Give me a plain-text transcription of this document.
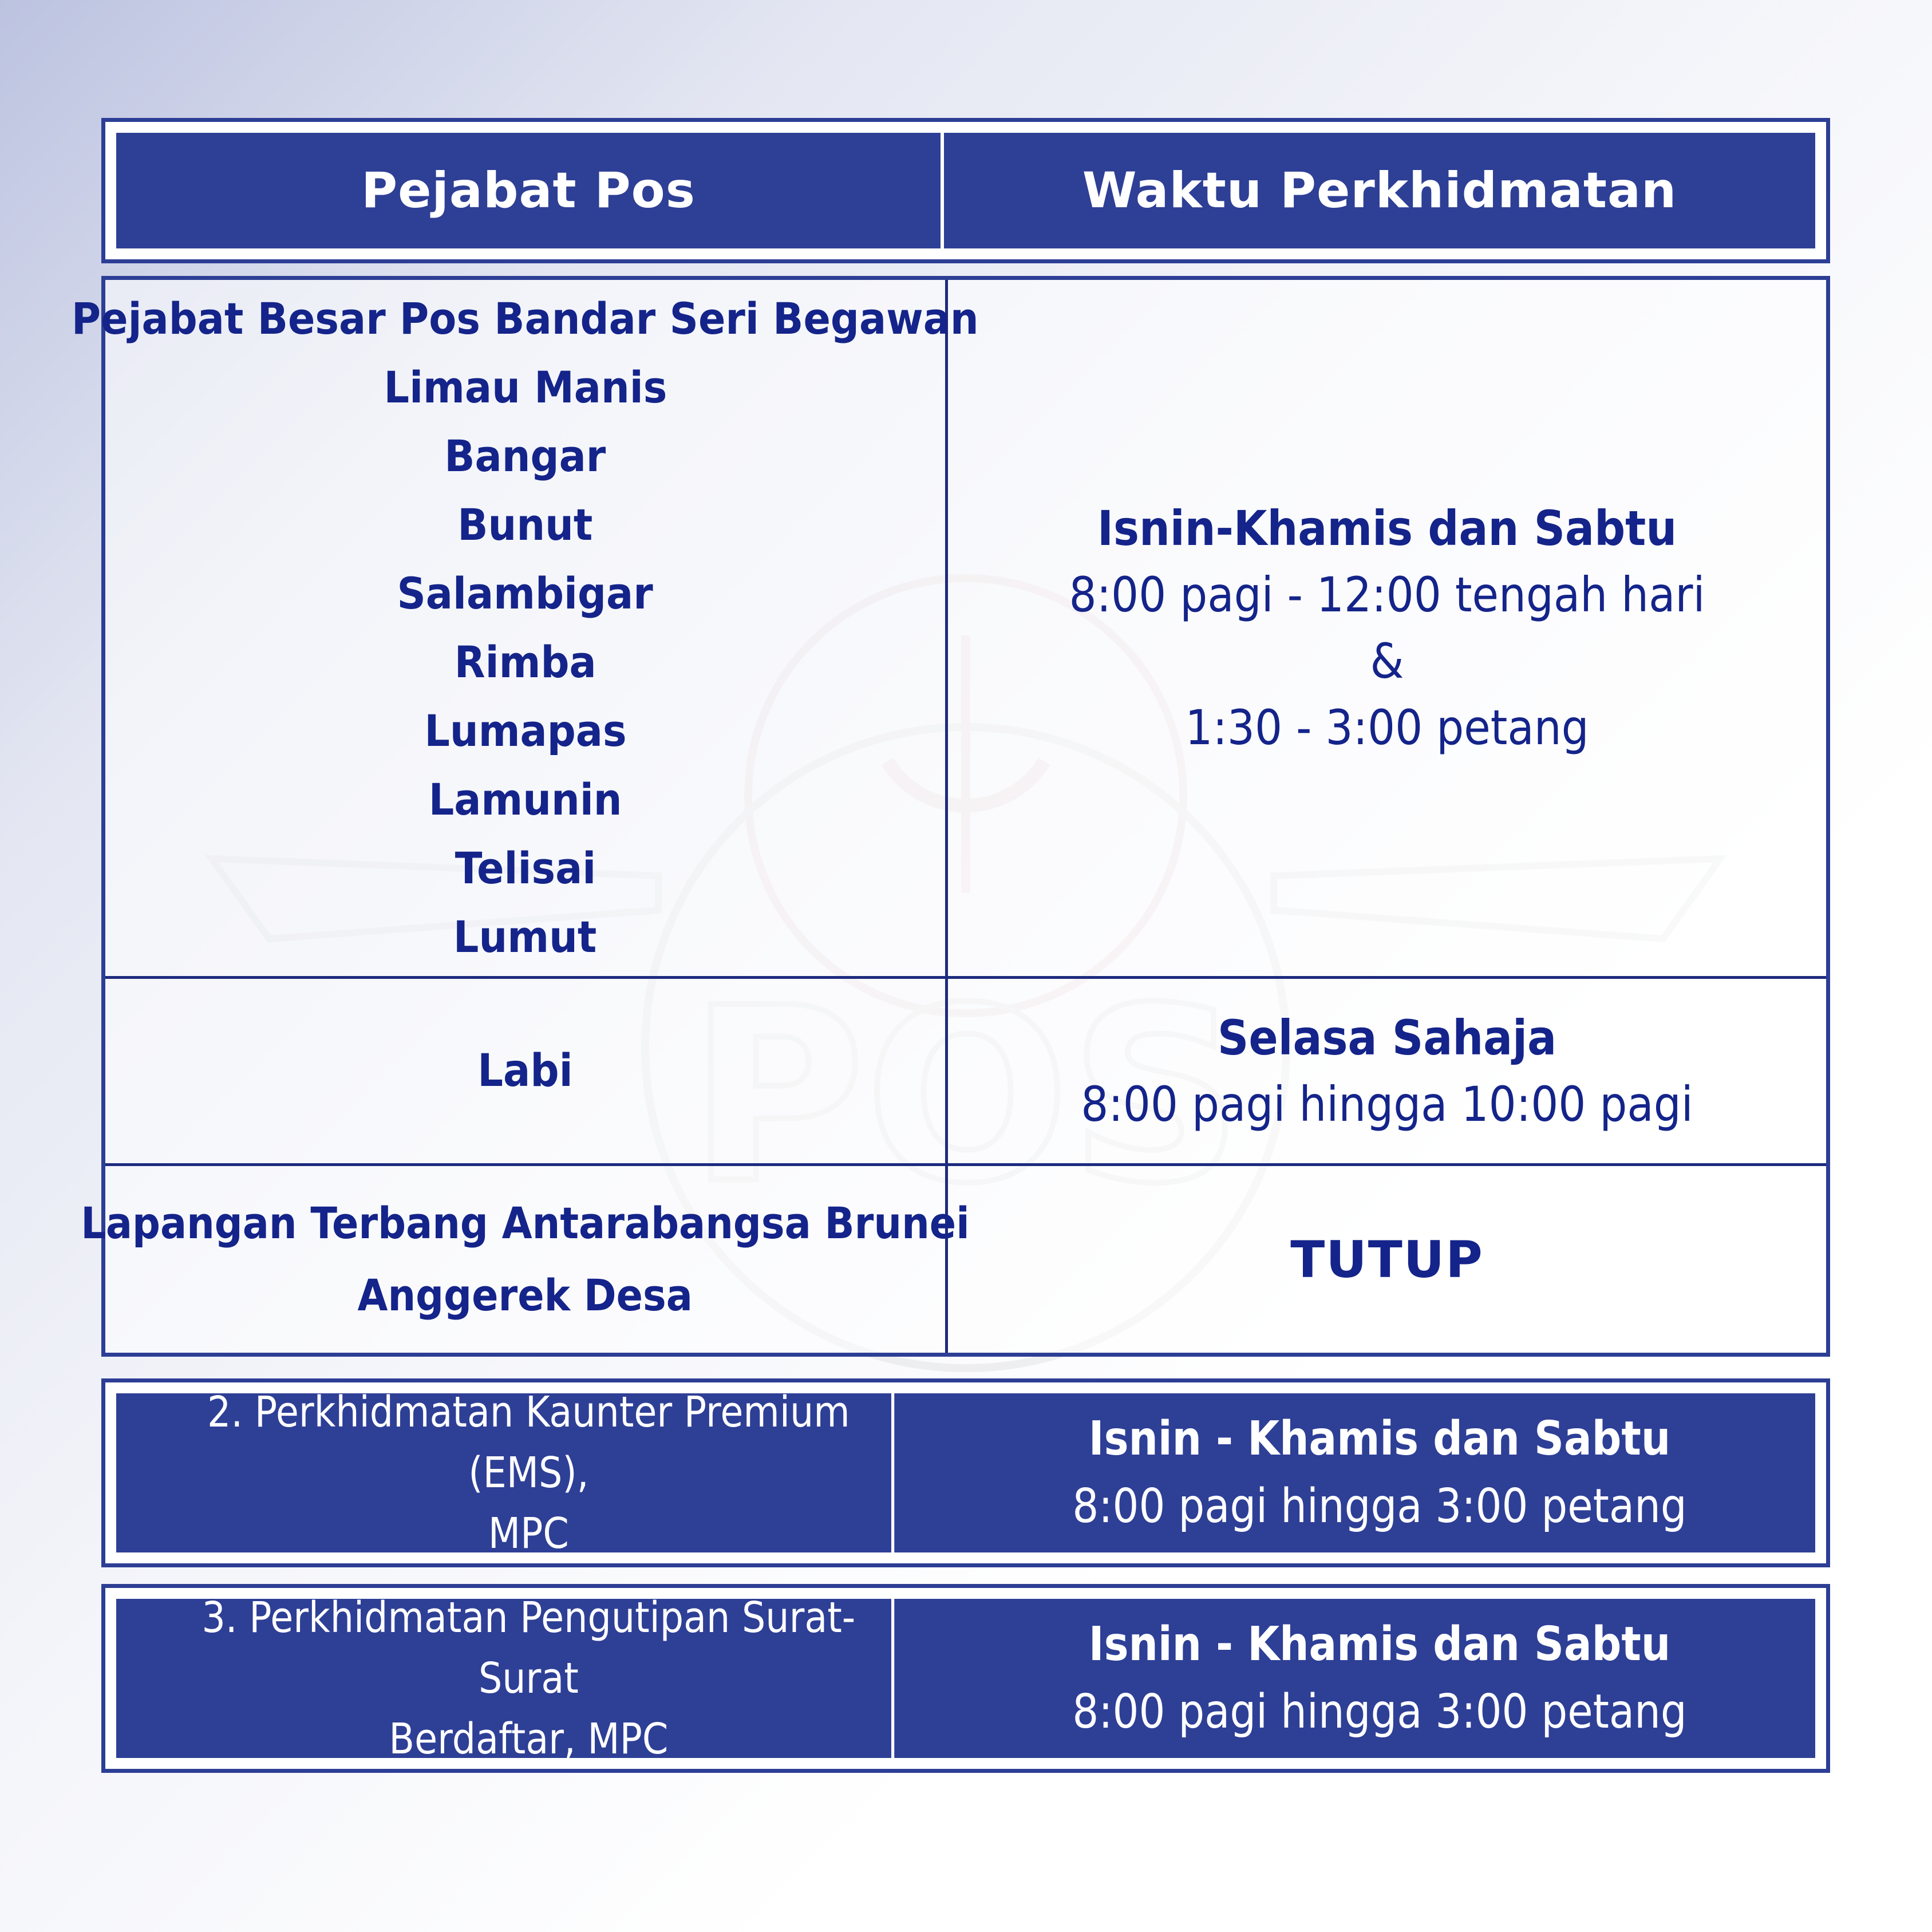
Pejabat Pos	Waktu Perkhidmatan
Pejabat Besar Pos Bandar Seri Begawan
Limau Manis
Bangar
Bunut
Salambigar
Rimba
Lumapas
Lamunin
Telisai
Lumut
Isnin-Khamis dan Sabtu
8:00 pagi - 12:00 tengah hari
&
1:30 - 3:00 petang
Labi
Selasa Sahaja
8:00 pagi hingga 10:00 pagi
Lapangan Terbang Antarabangsa Brunei
Anggerek Desa
TUTUP
2. Perkhidmatan Kaunter Premium (EMS),
MPC
Isnin - Khamis dan Sabtu
8:00 pagi hingga 3:00 petang
3. Perkhidmatan Pengutipan Surat-Surat
Berdaftar, MPC
Isnin - Khamis dan Sabtu
8:00 pagi hingga 3:00 petang
